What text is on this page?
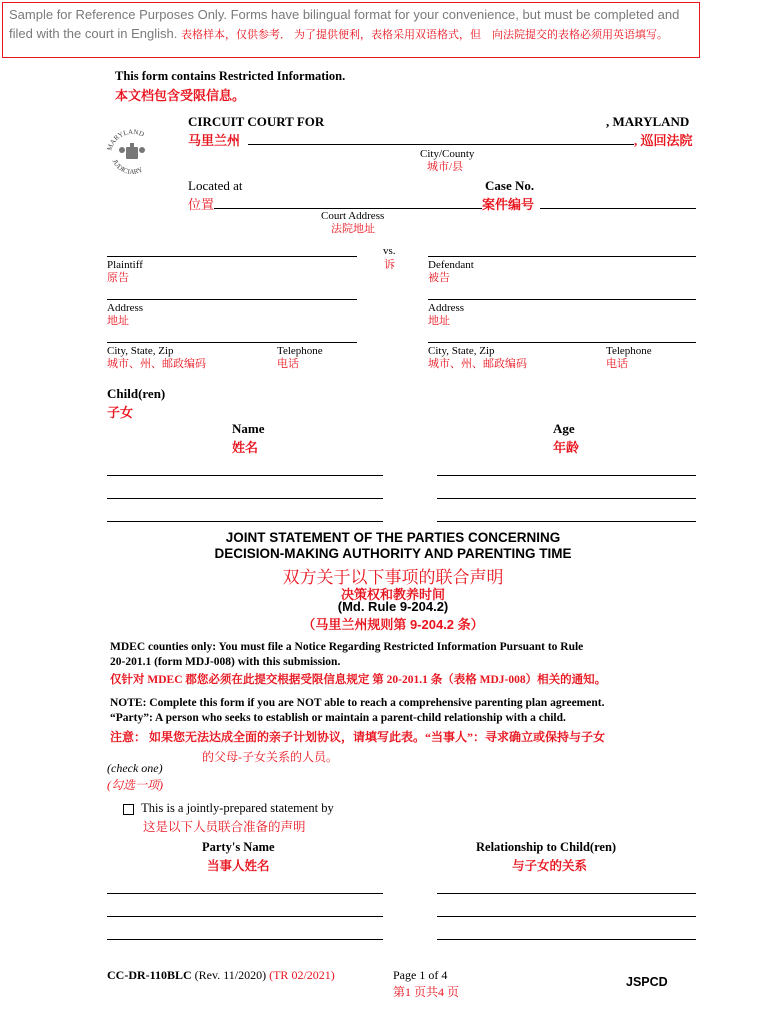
Sample for Reference Purposes Only. Forms have bilingual format for your convenience, but must be completed and filed with the court in English. 表格样本，仅供参考． 为了提供便利，表格采用双语格式，但　向法院提交的表格必须用英语填写。
This form contains Restricted Information.
本文档包含受限信息。
MARYLAND
JUDICIARY
CIRCUIT COURT FOR
马里兰州
, MARYLAND
, 巡回法院
City/County
城市/县
Located at
位置
Case No.
案件编号
Court Address
法院地址
Plaintiff
原告
vs.
诉	Defendant
被告
Address
地址
Address
地址
City, State, Zip
城市、州、邮政编码
Telephone
电话
City, State, Zip
城市、州、邮政编码
Telephone
电话
Child(ren)
子女
Name
姓名
Age
年龄
JOINT STATEMENT OF THE PARTIES CONCERNING
DECISION-MAKING AUTHORITY AND PARENTING TIME
双方关于以下事项的联合声明
决策权和教养时间
(Md. Rule 9-204.2)
（马里兰州规则第 9-204.2 条）
MDEC counties only: You must file a Notice Regarding Restricted Information Pursuant to Rule
20-201.1 (form MDJ-008) with this submission.
仅针对 MDEC 郡您必须在此提交根据受限信息规定 第 20-201.1 条（表格 MDJ-008）相关的通知。
NOTE: Complete this form if you are NOT able to reach a comprehensive parenting plan agreement.
“Party”: A person who seeks to establish or maintain a parent-child relationship with a child.
注意： 如果您无法达成全面的亲子计划协议，请填写此表。“当事人”：寻求确立或保持与子女
的父母-子女关系的人员。
(check one)
(勾选一项)
This is a jointly-prepared statement by
这是以下人员联合准备的声明
Party's Name
当事人姓名
Relationship to Child(ren)
与子女的关系
CC-DR-110BLC (Rev. 11/2020) (TR 02/2021)	Page 1 of 4
第1 页共4 页
JSPCD
